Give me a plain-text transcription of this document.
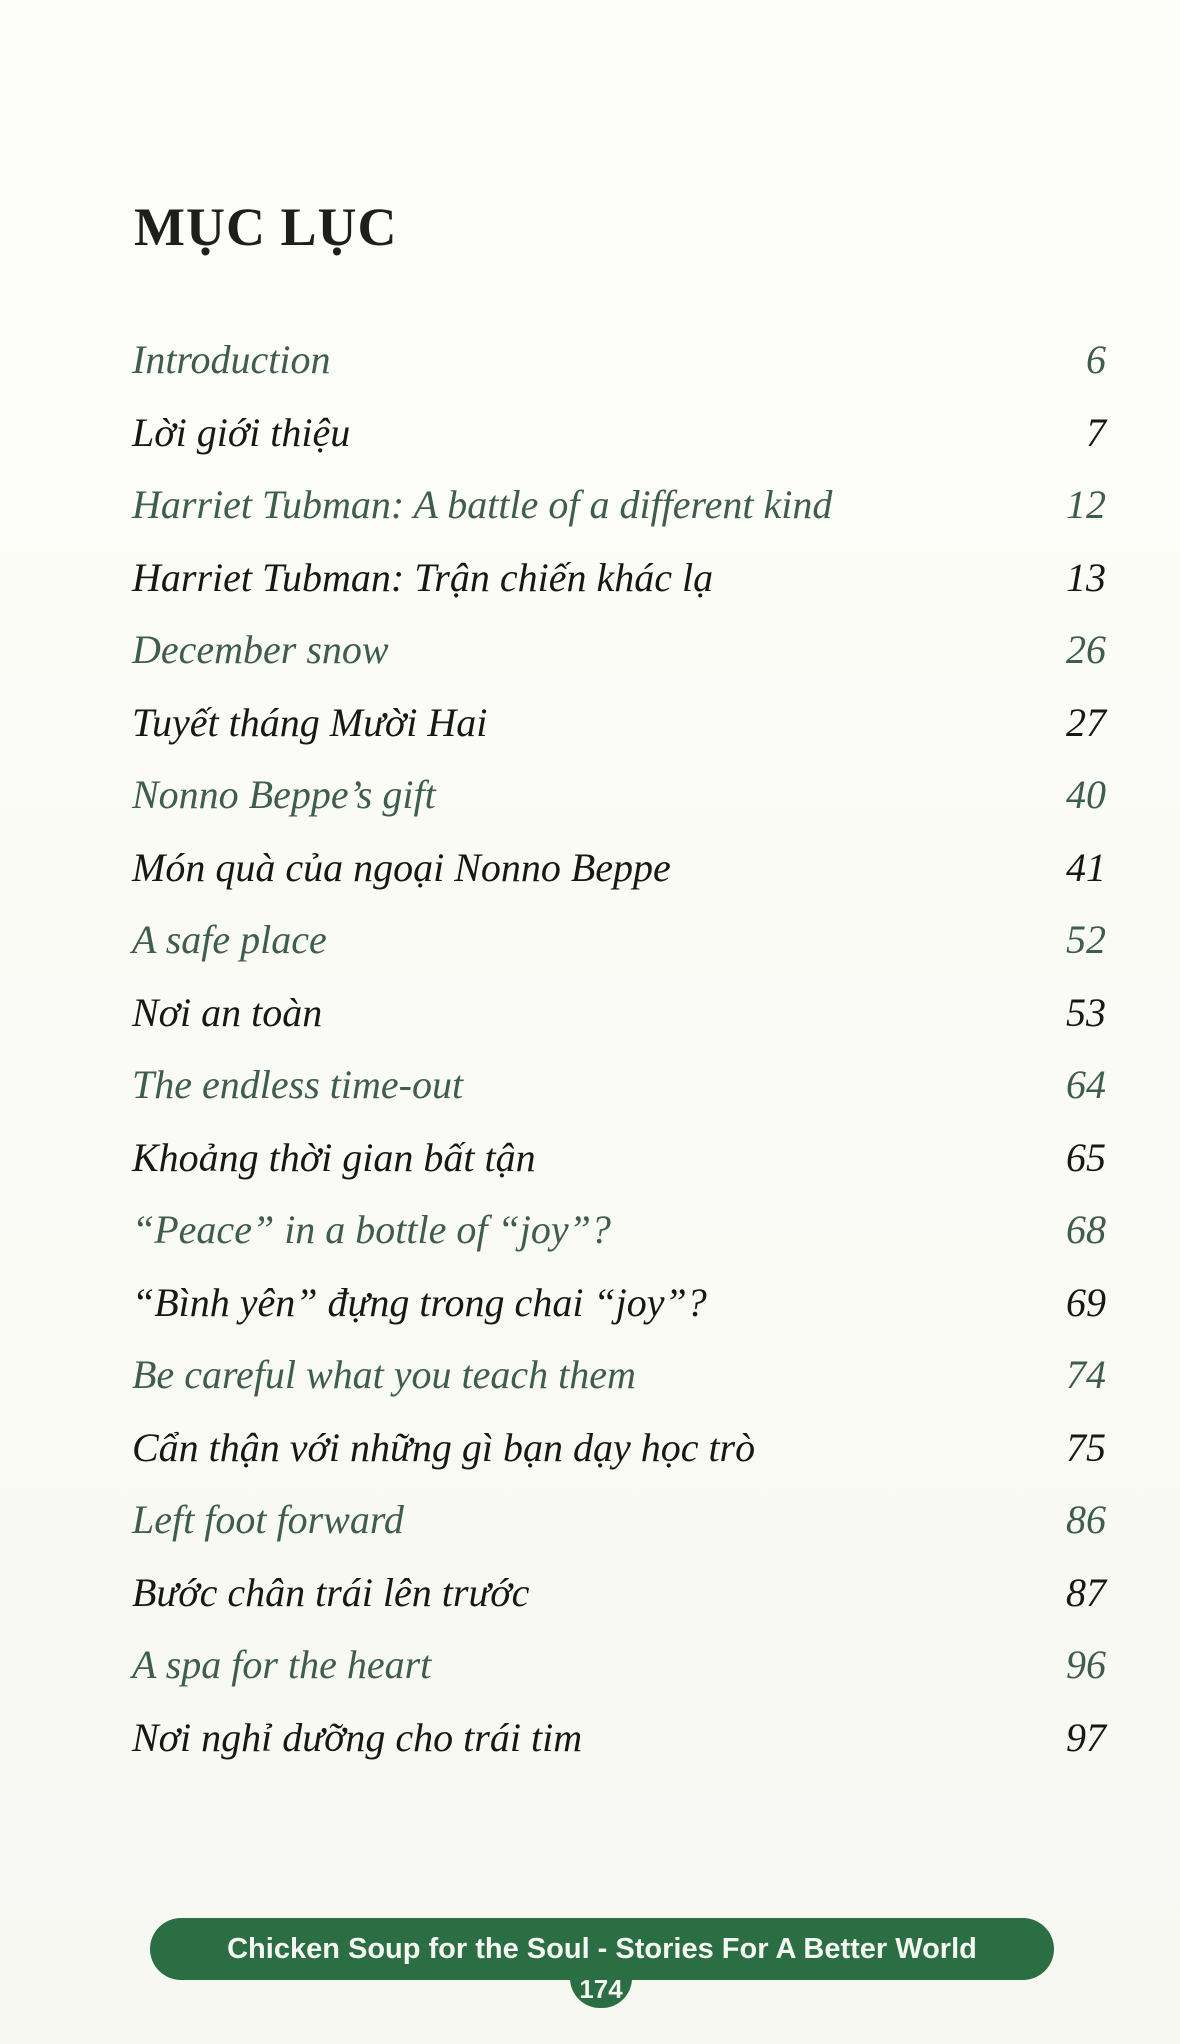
MỤC LỤC
Introduction	6
Lời giới thiệu	7
Harriet Tubman: A battle of a different kind	12
Harriet Tubman: Trận chiến khác lạ	13
December snow	26
Tuyết tháng Mười Hai	27
Nonno Beppe’s gift	40
Món quà của ngoại Nonno Beppe	41
A safe place	52
Nơi an toàn	53
The endless time-out	64
Khoảng thời gian bất tận	65
“Peace” in a bottle of “joy”?	68
“Bình yên” đựng trong chai “joy”?	69
Be careful what you teach them	74
Cẩn thận với những gì bạn dạy học trò	75
Left foot forward	86
Bước chân trái lên trước	87
A spa for the heart	96
Nơi nghỉ dưỡng cho trái tim	97
Chicken Soup for the Soul - Stories For A Better World
174
